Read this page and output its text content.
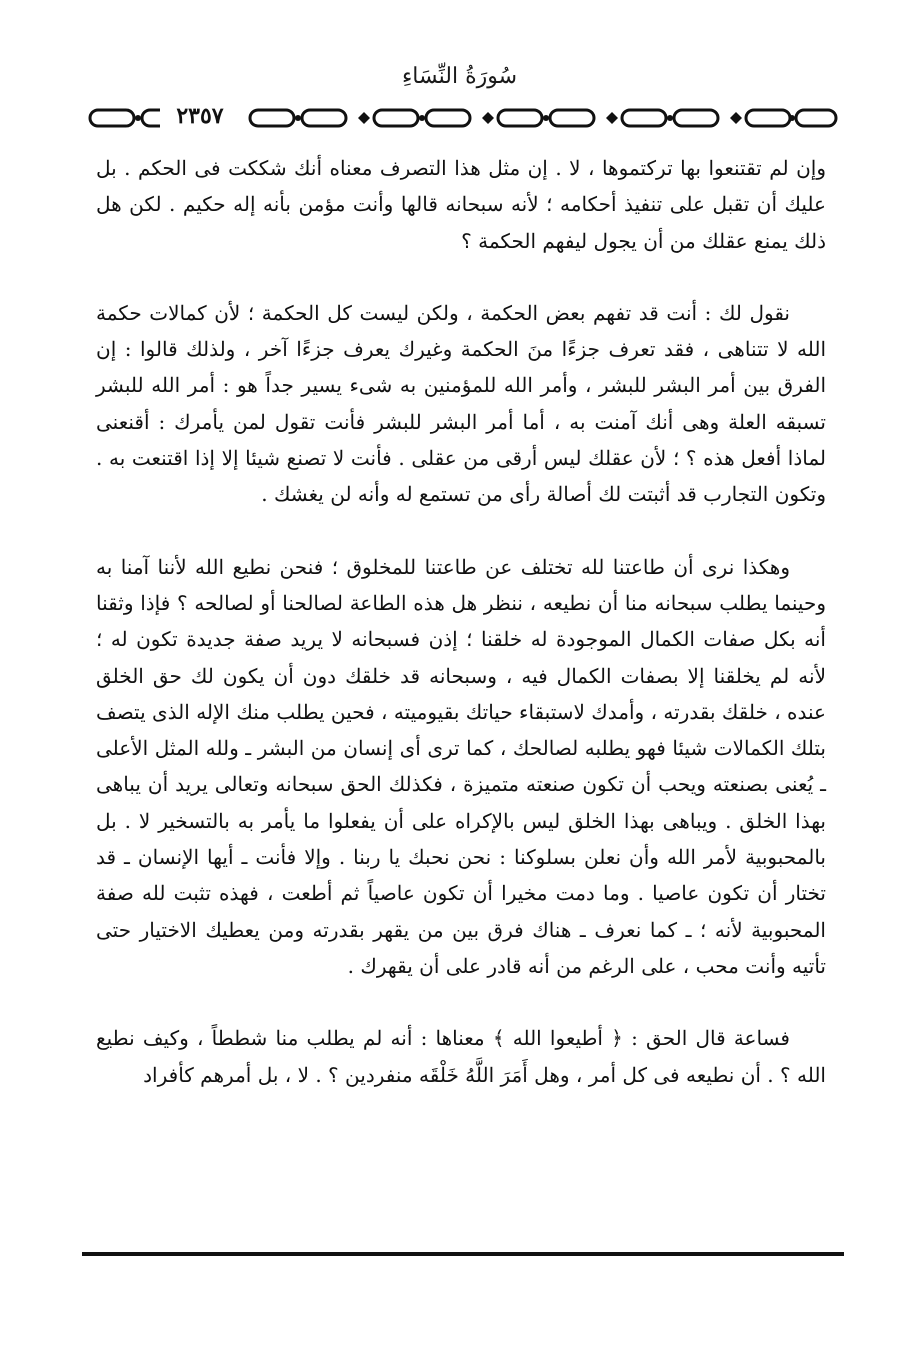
سُورَةُ النِّسَاءِ
٢٣٥٧

وإن لم تقتنعوا بها تركتموها ، لا . إن مثل هذا التصرف معناه أنك شككت فى الحكم . بل عليك أن تقبل على تنفيذ أحكامه ؛ لأنه سبحانه قالها وأنت مؤمن بأنه إله حكيم . لكن هل ذلك يمنع عقلك من أن يجول ليفهم الحكمة ؟

نقول لك : أنت قد تفهم بعض الحكمة ، ولكن ليست كل الحكمة ؛ لأن كمالات حكمة الله لا تتناهى ، فقد تعرف جزءًا منَ الحكمة وغيرك يعرف جزءًا آخر ، ولذلك قالوا : إن الفرق بين أمر البشر للبشر ، وأمر الله للمؤمنين به شىء يسير جداً هو : أمر الله للبشر تسبقه العلة وهى أنك آمنت به ، أما أمر البشر للبشر فأنت تقول لمن يأمرك : أقنعنى لماذا أفعل هذه ؟ ؛ لأن عقلك ليس أرقى من عقلى . فأنت لا تصنع شيئا إلا إذا اقتنعت به . وتكون التجارب قد أثبتت لك أصالة رأى من تستمع له وأنه لن يغشك .

وهكذا نرى أن طاعتنا لله تختلف عن طاعتنا للمخلوق ؛ فنحن نطيع الله لأننا آمنا به وحينما يطلب سبحانه منا أن نطيعه ، ننظر هل هذه الطاعة لصالحنا أو لصالحه ؟ فإذا وثقنا أنه بكل صفات الكمال الموجودة له خلقنا ؛ إذن فسبحانه لا يريد صفة جديدة تكون له ؛ لأنه لم يخلقنا إلا بصفات الكمال فيه ، وسبحانه قد خلقك دون أن يكون لك حق الخلق عنده ، خلقك بقدرته ، وأمدك لاستبقاء حياتك بقيوميته ، فحين يطلب منك الإله الذى يتصف بتلك الكمالات شيئا فهو يطلبه لصالحك ، كما ترى أى إنسان من البشر ـ ولله المثل الأعلى ـ يُعنى بصنعته ويحب أن تكون صنعته متميزة ، فكذلك الحق سبحانه وتعالى يريد أن يباهى بهذا الخلق . ويباهى بهذا الخلق ليس بالإكراه على أن يفعلوا ما يأمر به بالتسخير لا . بل بالمحبوبية لأمر الله وأن نعلن بسلوكنا : نحن نحبك يا ربنا . وإلا فأنت ـ أيها الإنسان ـ قد تختار أن تكون عاصيا . وما دمت مخيرا أن تكون عاصياً ثم أطعت ، فهذه تثبت لله صفة المحبوبية لأنه ؛ ـ كما نعرف ـ هناك فرق بين من يقهر بقدرته ومن يعطيك الاختيار حتى تأتيه وأنت محب ، على الرغم من أنه قادر على أن يقهرك .

فساعة قال الحق : ﴿ أطيعوا الله ﴾ معناها : أنه لم يطلب منا شططاً ، وكيف نطيع الله ؟ . أن نطيعه فى كل أمر ، وهل أَمَرَ اللَّهُ خَلْقَه منفردين ؟ . لا ، بل أمرهم كأفراد
